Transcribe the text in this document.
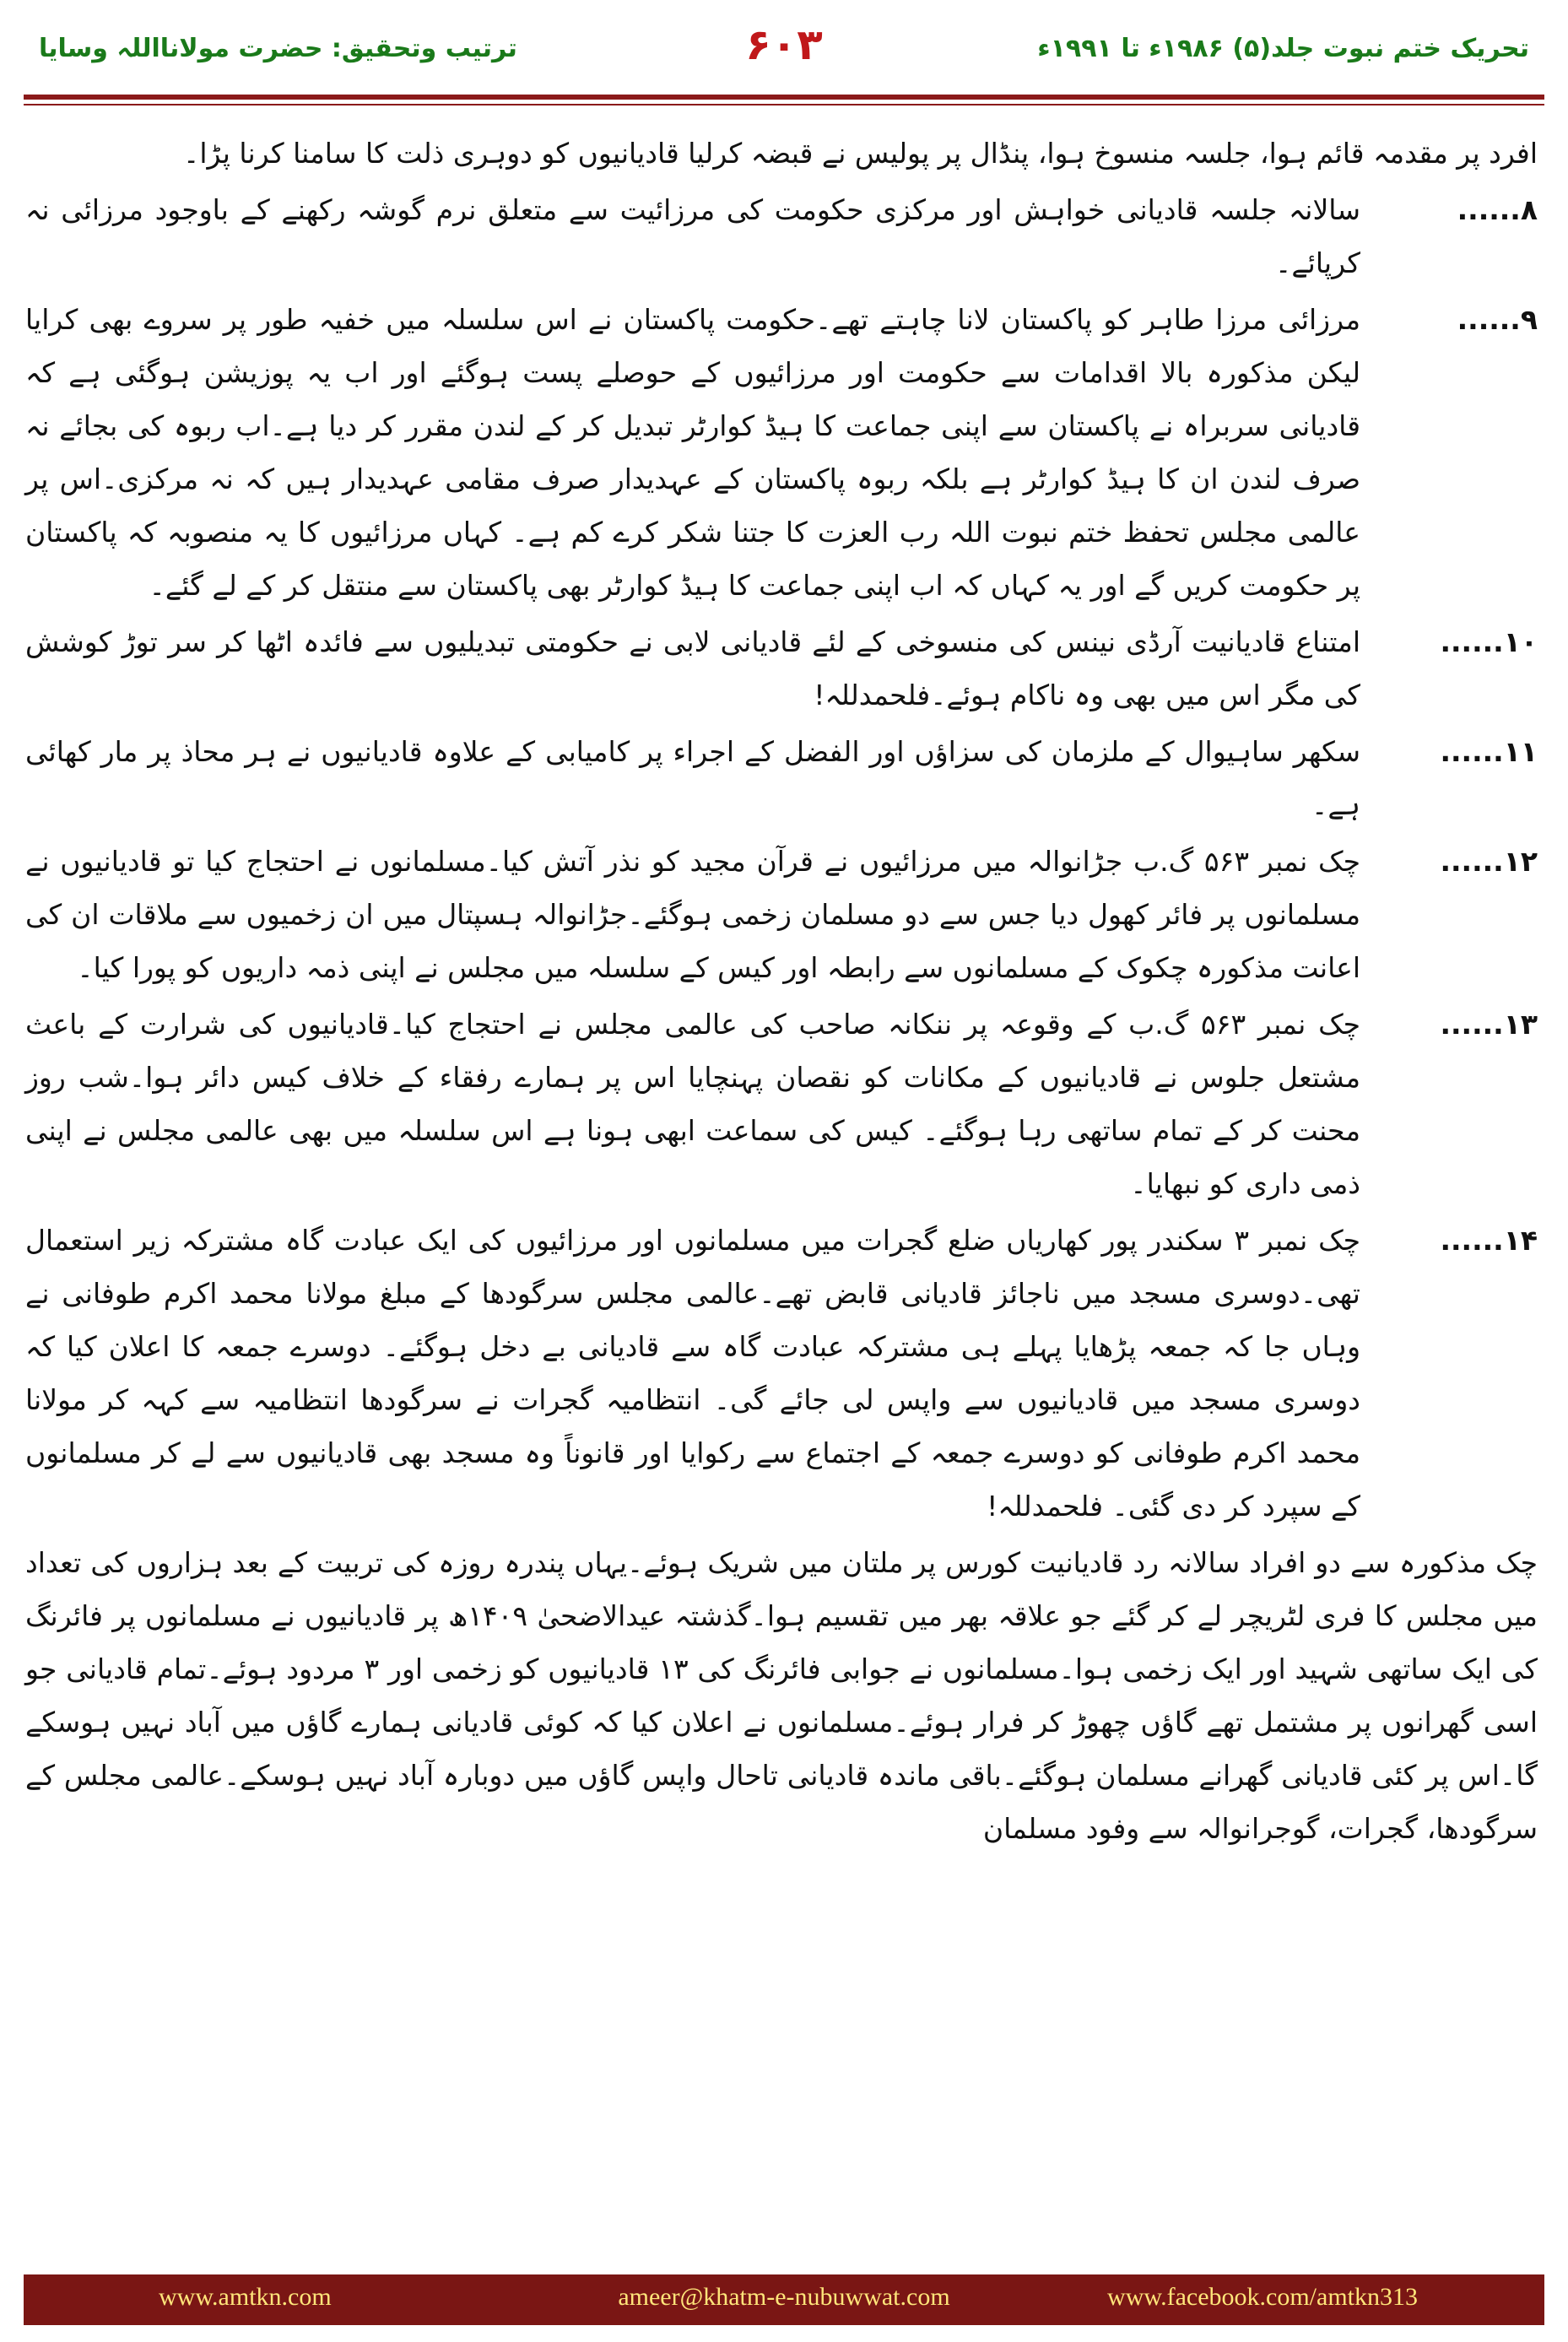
ترتیب وتحقیق: حضرت مولانااللہ وسایا	۶۰۳	تحریک ختم نبوت جلد(۵) ۱۹۸۶ء تا ۱۹۹۱ء

افرد پر مقدمہ قائم ہوا، جلسہ منسوخ ہوا، پنڈال پر پولیس نے قبضہ کرلیا قادیانیوں کو دوہری ذلت کا سامنا کرنا پڑا۔

۸......
سالانہ جلسہ قادیانی خواہش اور مرکزی حکومت کی مرزائیت سے متعلق نرم گوشہ رکھنے کے باوجود مرزائی نہ کرپائے۔

۹......
مرزائی مرزا طاہر کو پاکستان لانا چاہتے تھے۔حکومت پاکستان نے اس سلسلہ میں خفیہ طور پر سروے بھی کرایا لیکن مذکورہ بالا اقدامات سے حکومت اور مرزائیوں کے حوصلے پست ہوگئے اور اب یہ پوزیشن ہوگئی ہے کہ قادیانی سربراہ نے پاکستان سے اپنی جماعت کا ہیڈ کوارٹر تبدیل کر کے لندن مقرر کر دیا ہے۔اب ربوہ کی بجائے نہ صرف لندن ان کا ہیڈ کوارٹر ہے بلکہ ربوہ پاکستان کے عہدیدار صرف مقامی عہدیدار ہیں کہ نہ مرکزی۔اس پر عالمی مجلس تحفظ ختم نبوت اللہ رب العزت کا جتنا شکر کرے کم ہے۔ کہاں مرزائیوں کا یہ منصوبہ کہ پاکستان پر حکومت کریں گے اور یہ کہاں کہ اب اپنی جماعت کا ہیڈ کوارٹر بھی پاکستان سے منتقل کر کے لے گئے۔

۱۰......
امتناع قادیانیت آرڈی نینس کی منسوخی کے لئے قادیانی لابی نے حکومتی تبدیلیوں سے فائدہ اٹھا کر سر توڑ کوشش کی مگر اس میں بھی وہ ناکام ہوئے۔فلحمدللہ!

۱۱......
سکھر ساہیوال کے ملزمان کی سزاؤں اور الفضل کے اجراء پر کامیابی کے علاوہ قادیانیوں نے ہر محاذ پر مار کھائی ہے۔

۱۲......
چک نمبر ۵۶۳ گ.ب جڑانوالہ میں مرزائیوں نے قرآن مجید کو نذر آتش کیا۔مسلمانوں نے احتجاج کیا تو قادیانیوں نے مسلمانوں پر فائر کھول دیا جس سے دو مسلمان زخمی ہوگئے۔جڑانوالہ ہسپتال میں ان زخمیوں سے ملاقات ان کی اعانت مذکورہ چکوک کے مسلمانوں سے رابطہ اور کیس کے سلسلہ میں مجلس نے اپنی ذمہ داریوں کو پورا کیا۔

۱۳......
چک نمبر ۵۶۳ گ.ب کے وقوعہ پر ننکانہ صاحب کی عالمی مجلس نے احتجاج کیا۔قادیانیوں کی شرارت کے باعث مشتعل جلوس نے قادیانیوں کے مکانات کو نقصان پہنچایا اس پر ہمارے رفقاء کے خلاف کیس دائر ہوا۔شب روز محنت کر کے تمام ساتھی رہا ہوگئے۔ کیس کی سماعت ابھی ہونا ہے اس سلسلہ میں بھی عالمی مجلس نے اپنی ذمی داری کو نبھایا۔

۱۴......
چک نمبر ۳ سکندر پور کھاریاں ضلع گجرات میں مسلمانوں اور مرزائیوں کی ایک عبادت گاہ مشترکہ زیر استعمال تھی۔دوسری مسجد میں ناجائز قادیانی قابض تھے۔عالمی مجلس سرگودھا کے مبلغ مولانا محمد اکرم طوفانی نے وہاں جا کہ جمعہ پڑھایا پہلے ہی مشترکہ عبادت گاہ سے قادیانی بے دخل ہوگئے۔ دوسرے جمعہ کا اعلان کیا کہ دوسری مسجد میں قادیانیوں سے واپس لی جائے گی۔ انتظامیہ گجرات نے سرگودھا انتظامیہ سے کہہ کر مولانا محمد اکرم طوفانی کو دوسرے جمعہ کے اجتماع سے رکوایا اور قانوناً وہ مسجد بھی قادیانیوں سے لے کر مسلمانوں کے سپرد کر دی گئی۔ فلحمدللہ!

چک مذکورہ سے دو افراد سالانہ رد قادیانیت کورس پر ملتان میں شریک ہوئے۔یہاں پندرہ روزہ کی تربیت کے بعد ہزاروں کی تعداد میں مجلس کا فری لٹریچر لے کر گئے جو علاقہ بھر میں تقسیم ہوا۔گذشتہ عیدالاضحیٰ ۱۴۰۹ھ پر قادیانیوں نے مسلمانوں پر فائرنگ کی ایک ساتھی شہید اور ایک زخمی ہوا۔مسلمانوں نے جوابی فائرنگ کی ۱۳ قادیانیوں کو زخمی اور ۳ مردود ہوئے۔تمام قادیانی جو اسی گھرانوں پر مشتمل تھے گاؤں چھوڑ کر فرار ہوئے۔مسلمانوں نے اعلان کیا کہ کوئی قادیانی ہمارے گاؤں میں آباد نہیں ہوسکے گا۔اس پر کئی قادیانی گھرانے مسلمان ہوگئے۔باقی ماندہ قادیانی تاحال واپس گاؤں میں دوبارہ آباد نہیں ہوسکے۔عالمی مجلس کے سرگودھا، گجرات، گوجرانوالہ سے وفود مسلمان

www.amtkn.com	ameer@khatm-e-nubuwwat.com	www.facebook.com/amtkn313
